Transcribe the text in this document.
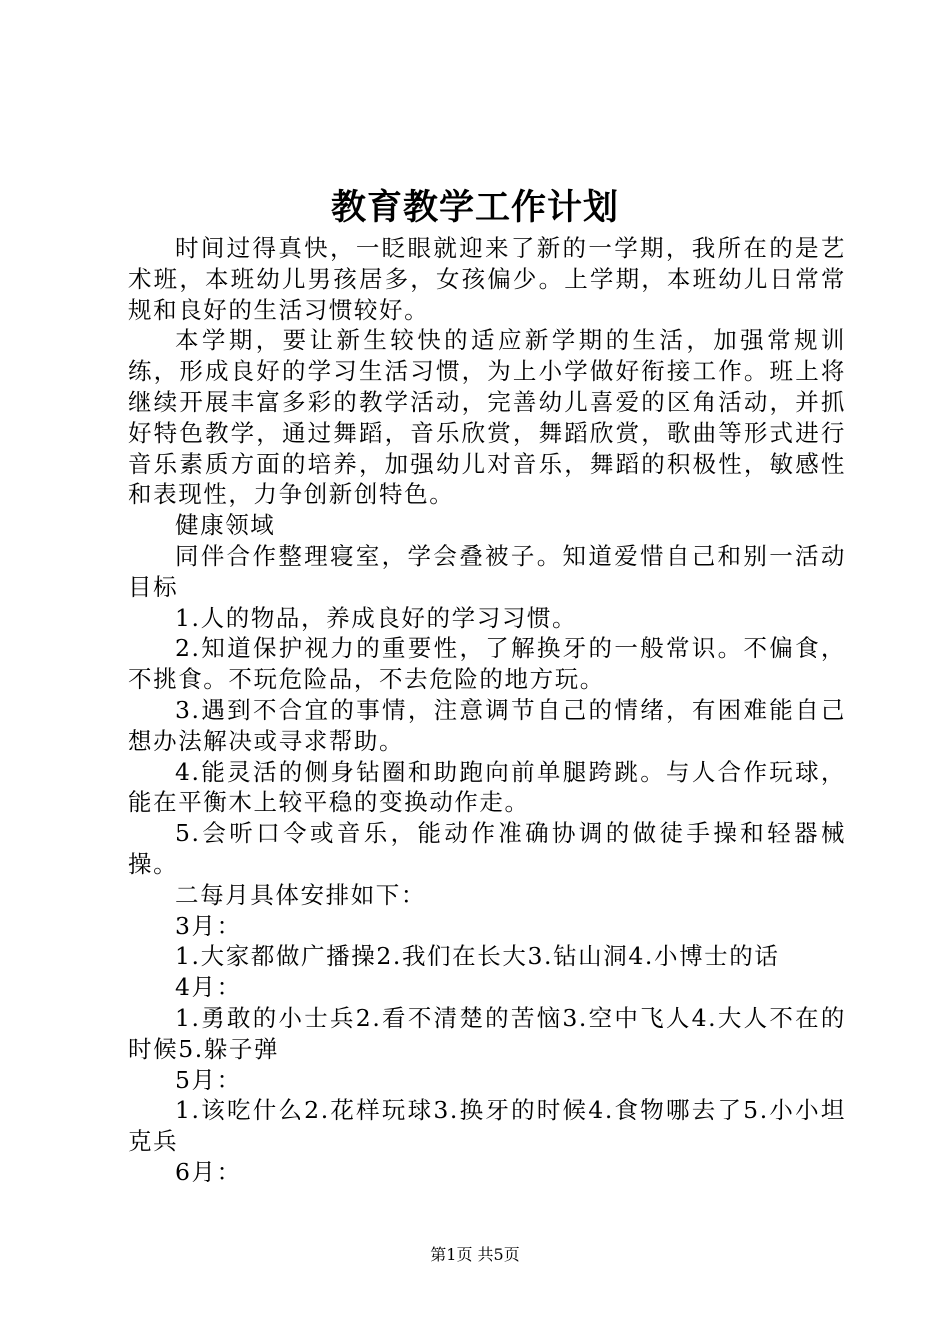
教育教学工作计划

时间过得真快，一眨眼就迎来了新的一学期，我所在的是艺术班，本班幼儿男孩居多，女孩偏少。上学期，本班幼儿日常常规和良好的生活习惯较好。

本学期，要让新生较快的适应新学期的生活，加强常规训练，形成良好的学习生活习惯，为上小学做好衔接工作。班上将继续开展丰富多彩的教学活动，完善幼儿喜爱的区角活动，并抓好特色教学，通过舞蹈，音乐欣赏，舞蹈欣赏，歌曲等形式进行音乐素质方面的培养，加强幼儿对音乐，舞蹈的积极性，敏感性和表现性，力争创新创特色。

健康领域

同伴合作整理寝室，学会叠被子。知道爱惜自己和别一活动目标

1.人的物品，养成良好的学习习惯。

2.知道保护视力的重要性，了解换牙的一般常识。不偏食，不挑食。不玩危险品，不去危险的地方玩。

3.遇到不合宜的事情，注意调节自己的情绪，有困难能自己想办法解决或寻求帮助。

4.能灵活的侧身钻圈和助跑向前单腿跨跳。与人合作玩球，能在平衡木上较平稳的变换动作走。

5.会听口令或音乐，能动作准确协调的做徒手操和轻器械操。

二每月具体安排如下：

3月：

1.大家都做广播操2.我们在长大3.钻山洞4.小博士的话

4月：

1.勇敢的小士兵2.看不清楚的苦恼3.空中飞人4.大人不在的时候5.躲子弹

5月：

1.该吃什么2.花样玩球3.换牙的时候4.食物哪去了5.小小坦克兵

6月：

第1页 共5页
